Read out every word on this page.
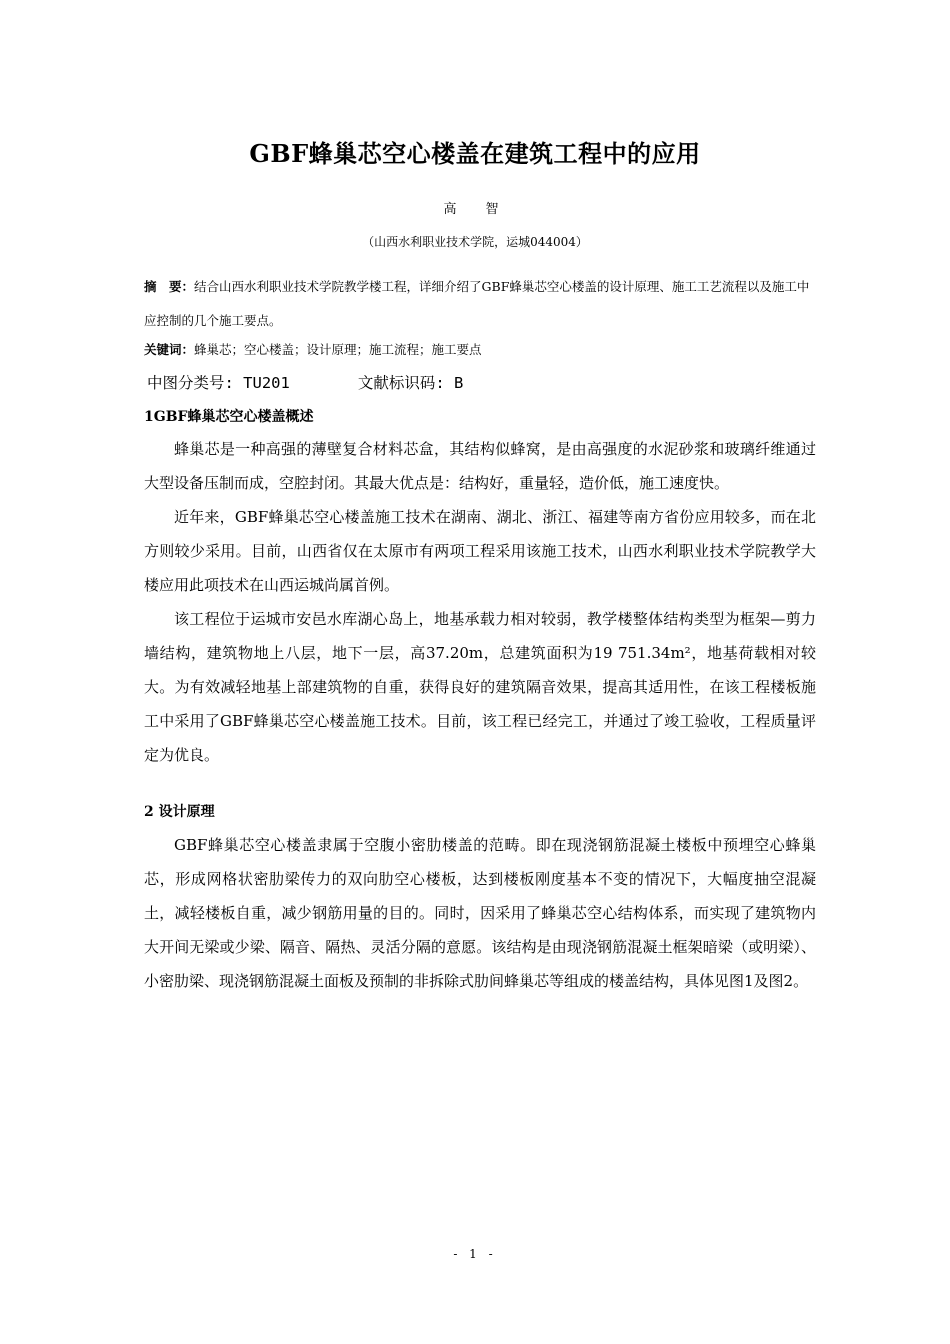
GBF蜂巢芯空心楼盖在建筑工程中的应用
高　智
（山西水利职业技术学院，运城044004）
摘　要：结合山西水利职业技术学院教学楼工程，详细介绍了GBF蜂巢芯空心楼盖的设计原理、施工工艺流程以及施工中应控制的几个施工要点。
关键词：蜂巢芯；空心楼盖；设计原理；施工流程；施工要点
中图分类号: TU201	文献标识码: B
1GBF蜂巢芯空心楼盖概述

蜂巢芯是一种高强的薄壁复合材料芯盒，其结构似蜂窝，是由高强度的水泥砂浆和玻璃纤维通过大型设备压制而成，空腔封闭。其最大优点是：结构好，重量轻，造价低，施工速度快。

近年来，GBF蜂巢芯空心楼盖施工技术在湖南、湖北、浙江、福建等南方省份应用较多，而在北方则较少采用。目前，山西省仅在太原市有两项工程采用该施工技术，山西水利职业技术学院教学大楼应用此项技术在山西运城尚属首例。

该工程位于运城市安邑水库湖心岛上，地基承载力相对较弱，教学楼整体结构类型为框架—剪力墙结构，建筑物地上八层，地下一层，高37.20m，总建筑面积为19 751.34m²，地基荷载相对较大。为有效减轻地基上部建筑物的自重，获得良好的建筑隔音效果，提高其适用性，在该工程楼板施工中采用了GBF蜂巢芯空心楼盖施工技术。目前，该工程已经完工，并通过了竣工验收，工程质量评定为优良。

2 设计原理

GBF蜂巢芯空心楼盖隶属于空腹小密肋楼盖的范畴。即在现浇钢筋混凝土楼板中预埋空心蜂巢芯，形成网格状密肋梁传力的双向肋空心楼板，达到楼板刚度基本不变的情况下，大幅度抽空混凝土，减轻楼板自重，减少钢筋用量的目的。同时，因采用了蜂巢芯空心结构体系，而实现了建筑物内大开间无梁或少梁、隔音、隔热、灵活分隔的意愿。该结构是由现浇钢筋混凝土框架暗梁（或明梁）、小密肋梁、现浇钢筋混凝土面板及预制的非拆除式肋间蜂巢芯等组成的楼盖结构，具体见图1及图2。

- 1 -
